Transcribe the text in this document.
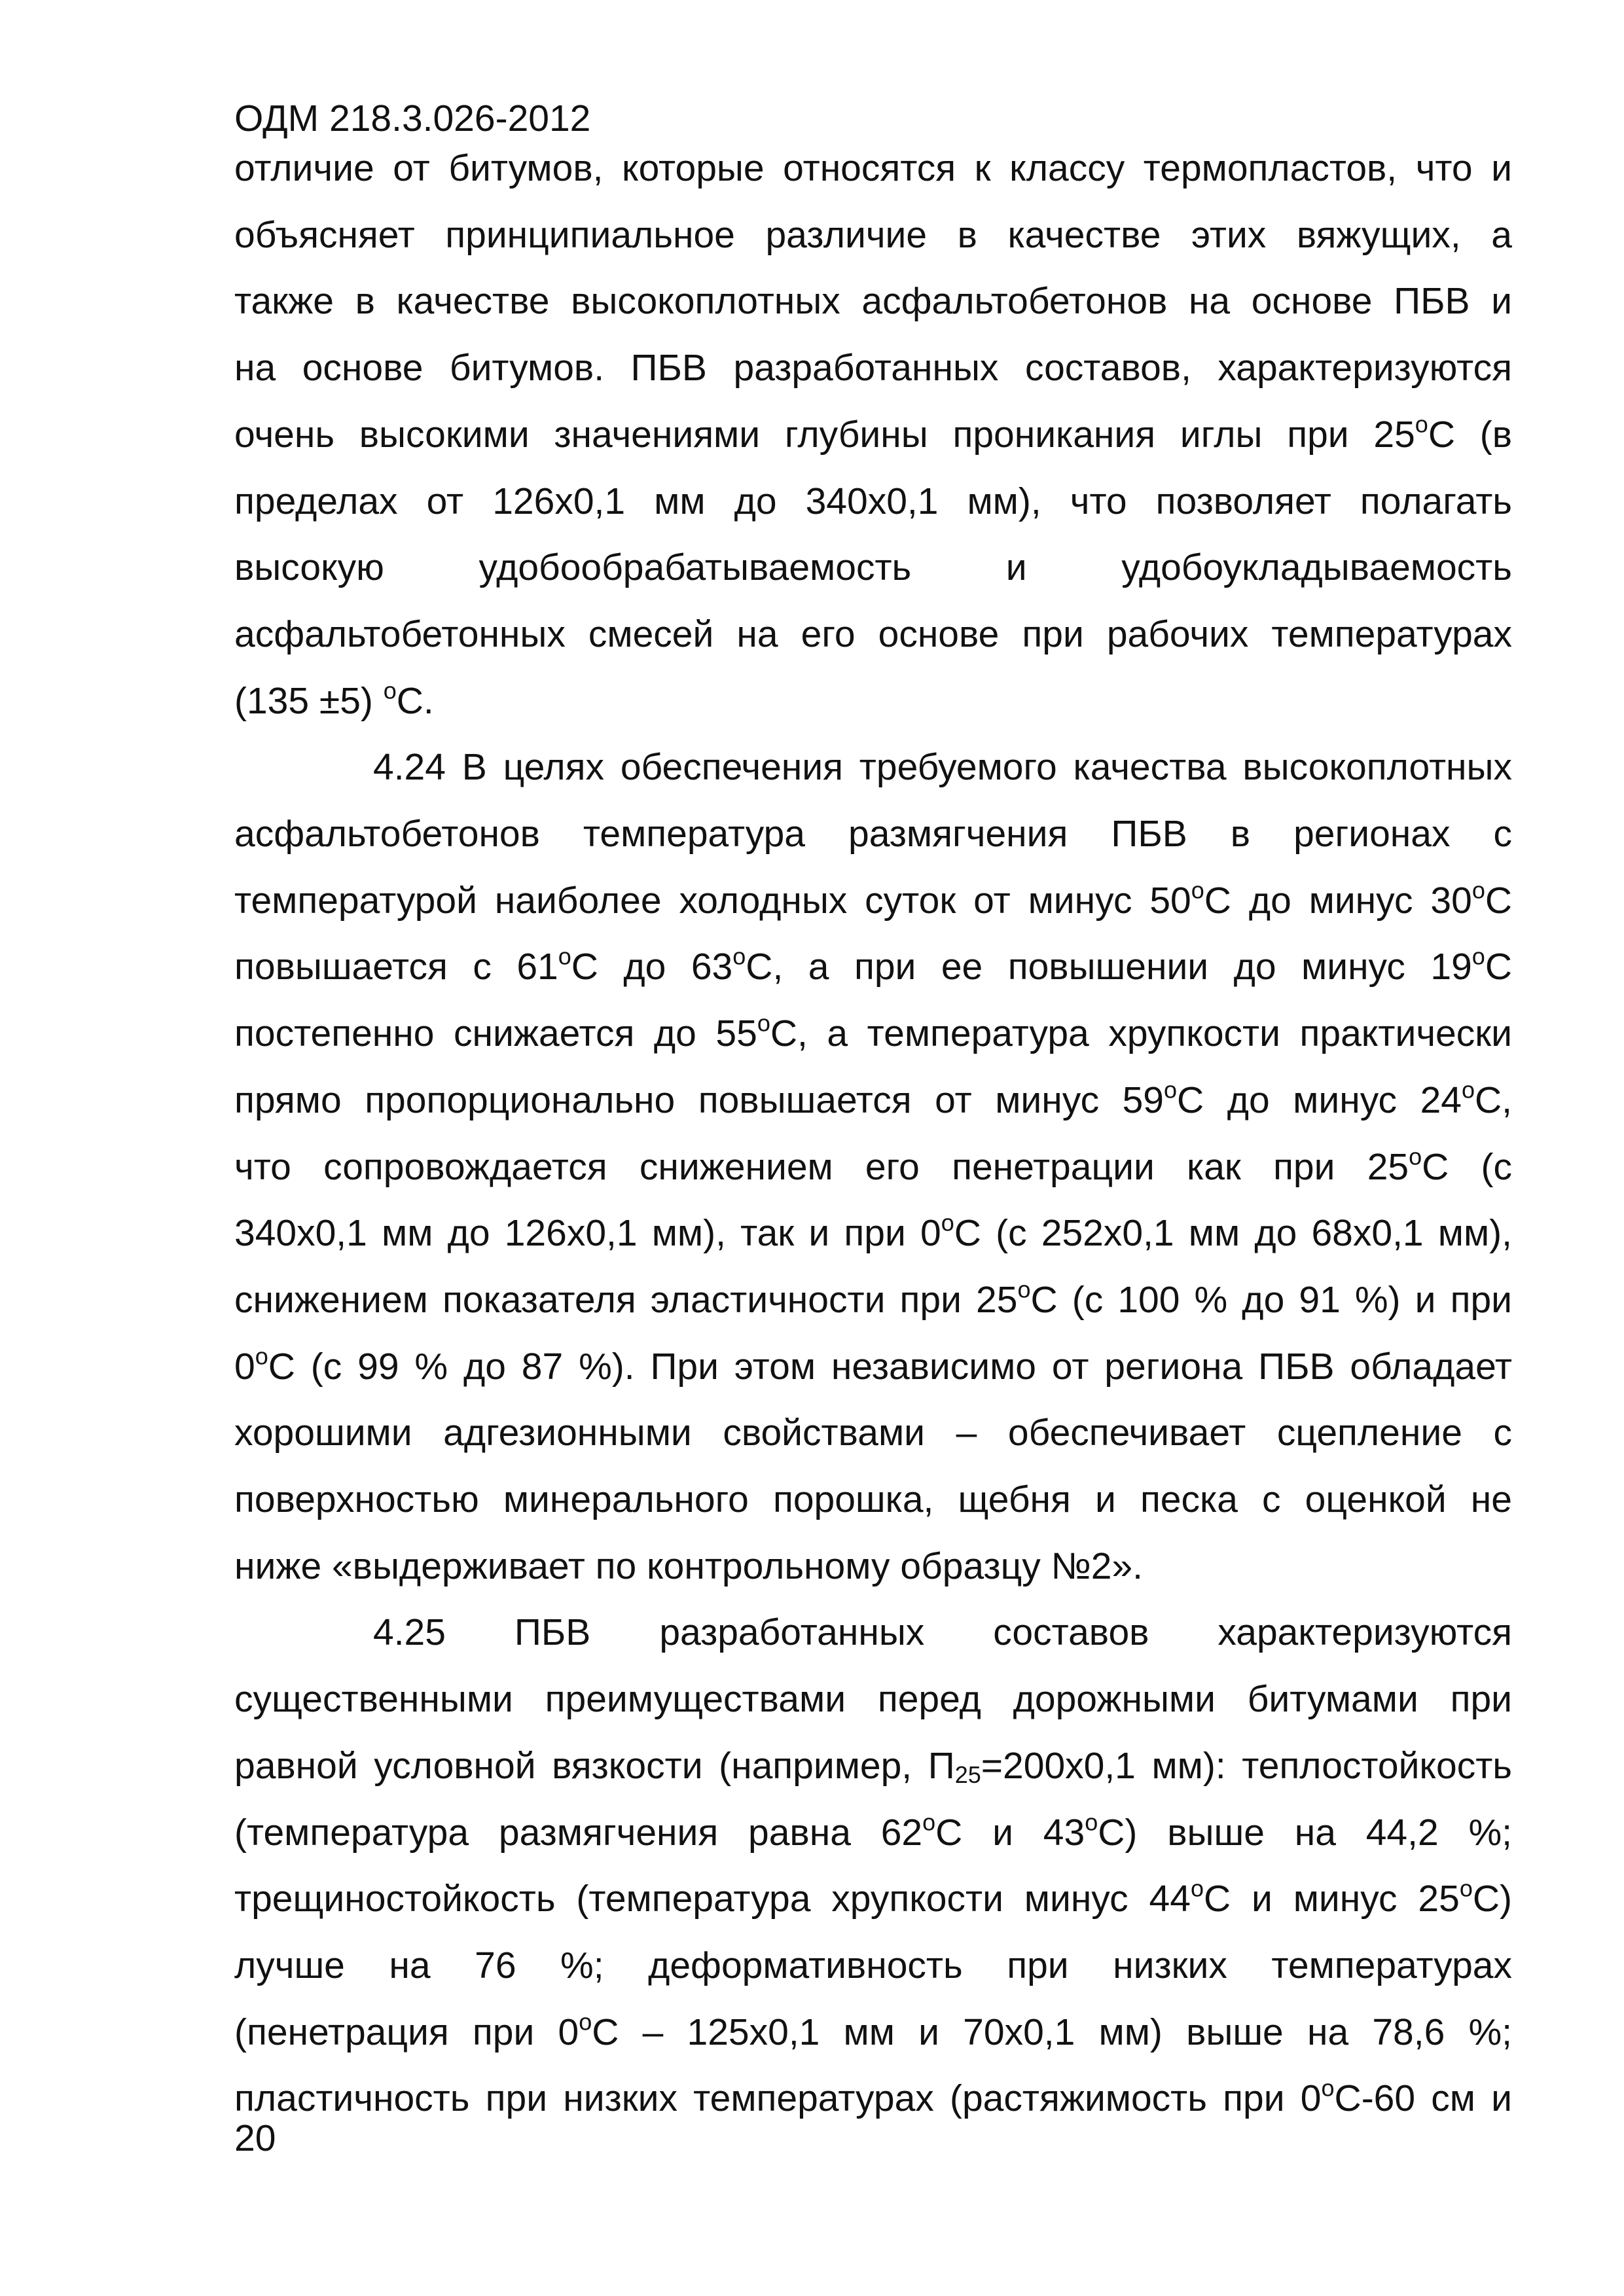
ОДМ 218.3.026-2012
отличие от битумов, которые относятся к классу термопластов, что и
объясняет принципиальное различие в качестве этих вяжущих, а
также в качестве высокоплотных асфальтобетонов на основе ПБВ и
на основе битумов. ПБВ разработанных составов, характеризуются
очень высокими значениями глубины проникания иглы при $25^оС$ (в
пределах от 126х0,1 мм до 340х0,1 мм), что позволяет полагать
высокую удобообрабатываемость и удобоукладываемость
асфальтобетонных смесей на его основе при рабочих температурах
(135 ±5) $^о$С.
4.24 В целях обеспечения требуемого качества высокоплотных
асфальтобетонов температура размягчения ПБВ в регионах с
температурой наиболее холодных суток от минус $50^оС$ до минус $30^оС$
повышается с $61^оС$ до $63^оС$, а при ее повышении до минус $19^оС$
постепенно снижается до $55^оС$, а температура хрупкости практически
прямо пропорционально повышается от минус $59^оС$ до минус $24^оС$,
что сопровождается снижением его пенетрации как при $25^оС$ (с
340х0,1 мм до 126х0,1 мм), так и при $0^оС$ (с 252х0,1 мм до 68х0,1 мм),
снижением показателя эластичности при $25^оС$ (с 100 % до 91 %) и при
$0^оС$ (с 99 % до 87 %). При этом независимо от региона ПБВ обладает
хорошими адгезионными свойствами – обеспечивает сцепление с
поверхностью минерального порошка, щебня и песка с оценкой не
ниже «выдерживает по контрольному образцу №2».
4.25 ПБВ разработанных составов характеризуются
существенными преимуществами перед дорожными битумами при
равной условной вязкости (например, $П_{25}=200х0,1$ мм): теплостойкость
(температура размягчения равна $62^оС$ и $43^оС$) выше на 44,2 %;
трещиностойкость (температура хрупкости минус $44^оС$ и минус $25^оС$)
лучше на 76 %; деформативность при низких температурах
(пенетрация при $0^оС - 125х0,1$ мм и 70х0,1 мм) выше на 78,6 %;
пластичность при низких температурах (растяжимость при $0^оС-60$ см и
20
